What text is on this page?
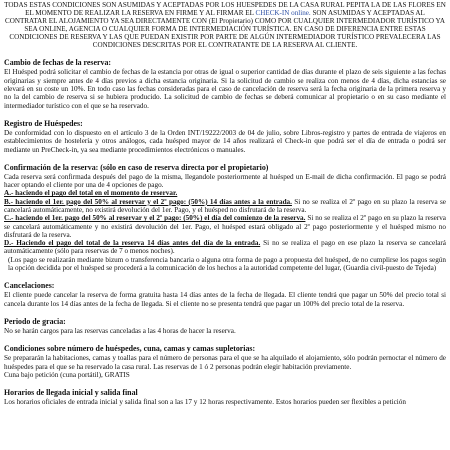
TODAS ESTAS CONDICIONES SON ASUMIDAS Y ACEPTADAS POR LOS HUESPEDES DE LA CASA RURAL PEPITA LA DE LAS FLORES EN EL MOMENTO DE REALIZAR LA RESERVA EN FIRME Y AL FIRMAR EL CHECK-IN online. SON ASUMIDAS Y ACEPTADAS AL CONTRATAR EL ALOJAMIENTO YA SEA DIRECTAMENTE CON (El Propietario) COMO POR CUALQUIER INTERMEDIADOR TURÍSTICO YA SEA ONLINE, AGENCIA O CUALQUIER FORMA DE INTERMEDIACIÓN TURÍSTICA. EN CASO DE DIFERENCIA ENTRE ESTAS CONDICIONES DE RESERVA Y LAS QUE PUEDAN EXISTIR POR PARTE DE ALGÚN INTERMEDIADOR TURÍSTICO PREVALECERA LAS CONDICIONES DESCRITAS POR EL CONTRATANTE DE LA RESERVA AL CLIENTE.
Cambio de fechas de la reserva:

El Huésped podrá solicitar el cambio de fechas de la estancia por otras de igual o superior cantidad de días durante el plazo de seis siguiente a las fechas originarias y siempre antes de 4 días previos a dicha estancia originaria. Si la solicitud de cambio se realiza con menos de 4 días, dicha estancias se elevará en su coste un 10%. En todo caso las fechas consideradas para el caso de cancelación de reserva será la fecha originaria de la primera reserva y no la del cambio de reserva si se hubiera producido. La solicitud de cambio de fechas se deberá comunicar al propietario o en su caso mediante el intermediador turístico con el que se ha reservado.

Registro de Huéspedes:

De conformidad con lo dispuesto en el artículo 3 de la Orden INT/19222/2003 de 04 de julio, sobre Libros-registro y partes de entrada de viajeros en establecimientos de hostelería y otros análogos, cada huésped mayor de 14 años realizará el Check-in que podrá ser el día de entrada o podrá ser mediante un PreCheck-in, ya sea mediante procedimientos electrónicos o manuales.

Confirmación de la reserva: (sólo en caso de reserva directa por el propietario)

Cada reserva será confirmada después del pago de la misma, llegandole posteriormente al huésped un E-mail de dicha confirmación. El pago se podrá hacer optando el cliente por una de 4 opciones de pago.

A.- haciendo el pago del total en el momento de reservar.

B.- haciendo el 1er. pago del 50% al reservar y el 2º pago: (50%) 14 días antes a la entrada. Si no se realiza el 2º pago en su plazo la reserva se cancelará automáticamente, no existirá devolución del 1er. Pago, y el huésped no disfrutará de la reserva.

C.- haciendo el 1er. pago del 50% al reservar y el 2º pago: (50%) el día del comienzo de la reserva. Si no se realiza el 2º pago en su plazo la reserva se cancelará automáticamente y no existirá devolución del 1er. Pago, el huésped estará obligado al 2º pago posteriormente y el huésped mismo no disfrutará de la reserva.

D.- Haciendo el pago del total de la reserva 14 días antes del día de la entrada. Si no se realiza el pago en ese plazo la reserva se cancelará automáticamente (sólo para reservas de 7 o menos noches).

(Los pago se realizarán mediante bizum o transferencia bancaria o alguna otra forma de pago a propuesta del huésped, de no cumplirse los pagos según la opción decidida por el huésped se procederá a la comunicación de los hechos a la autoridad competente del lugar, (Guardia civil-puesto de Tejeda)

Cancelaciones:

El cliente puede cancelar la reserva de forma gratuita hasta 14 días antes de la fecha de llegada. El cliente tendrá que pagar un 50% del precio total si cancela durante los 14 días antes de la fecha de llegada. Si el cliente no se presenta tendrá que pagar un 100% del precio total de la reserva.

Periodo de gracia:

No se harán cargos para las reservas canceladas a las 4 horas de hacer la reserva.

Condiciones sobre número de huéspedes, cuna, camas y camas supletorias:

Se prepararán la habitaciones, camas y toallas para el número de personas para el que se ha alquilado el alojamiento, sólo podrán pernoctar el número de huéspedes para el que se ha reservado la casa rural. Las reservas de 1 ó 2 personas podrán elegir habitación previamente.

Cuna bajo petición (cuna portátil), GRATIS

Horarios de llegada inicial y salida final

Los horarios oficiales de entrada inicial y salida final son a las 17 y 12 horas respectivamente. Estos horarios pueden ser flexibles a petición
